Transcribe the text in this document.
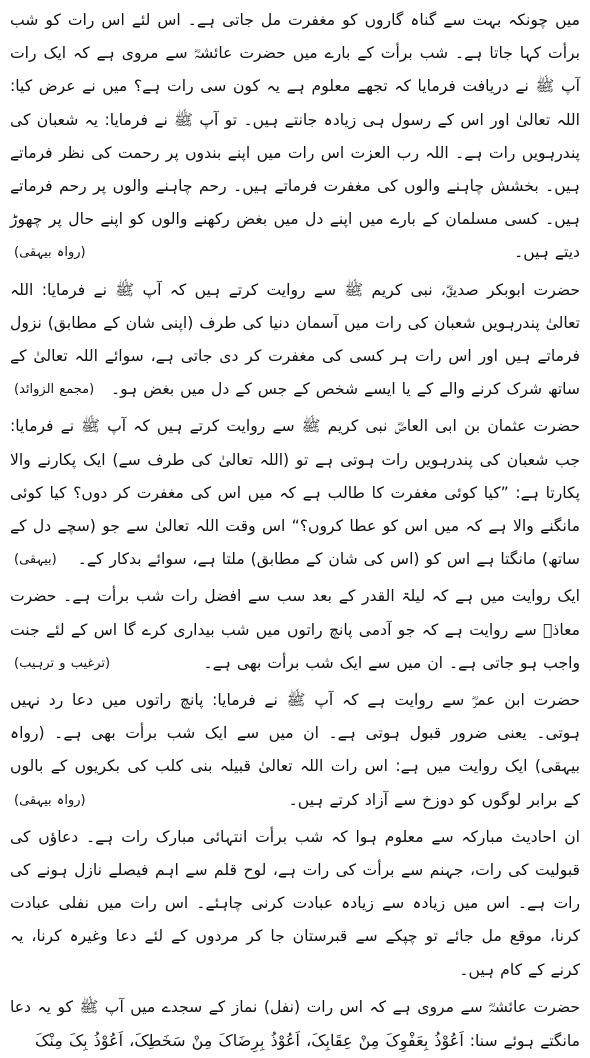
میں چونکہ بہت سے گناہ گاروں کو مغفرت مل جاتی ہے۔ اس لئے اس رات کو شب برأت کہا جاتا ہے۔ شب برأت کے بارے میں حضرت عائشہؓ سے مروی ہے کہ ایک رات آپ ﷺ نے دریافت فرمایا کہ تجھے معلوم ہے یہ کون سی رات ہے؟ میں نے عرض کیا: اللہ تعالیٰ اور اس کے رسول ہی زیادہ جانتے ہیں۔ تو آپ ﷺ نے فرمایا: یہ شعبان کی پندرہویں رات ہے۔ اللہ رب العزت اس رات میں اپنے بندوں پر رحمت کی نظر فرماتے ہیں۔ بخشش چاہنے والوں کی مغفرت فرماتے ہیں۔ رحم چاہنے والوں پر رحم فرماتے ہیں۔ کسی مسلمان کے بارے میں اپنے دل میں بغض رکھنے والوں کو اپنے حال پر چھوڑ دیتے ہیں۔
(رواہ بیہقی)

حضرت ابوبکر صدیقؓ، نبی کریم ﷺ سے روایت کرتے ہیں کہ آپ ﷺ نے فرمایا: اللہ تعالیٰ پندرہویں شعبان کی رات میں آسمان دنیا کی طرف (اپنی شان کے مطابق) نزول فرماتے ہیں اور اس رات ہر کسی کی مغفرت کر دی جاتی ہے، سوائے اللہ تعالیٰ کے ساتھ شرک کرنے والے کے یا ایسے شخص کے جس کے دل میں بغض ہو۔
(مجمع الزوائد)

حضرت عثمان بن ابی العاصؓ نبی کریم ﷺ سے روایت کرتے ہیں کہ آپ ﷺ نے فرمایا: جب شعبان کی پندرہویں رات ہوتی ہے تو (اللہ تعالیٰ کی طرف سے) ایک پکارنے والا پکارتا ہے: ”کیا کوئی مغفرت کا طالب ہے کہ میں اس کی مغفرت کر دوں؟ کیا کوئی مانگنے والا ہے کہ میں اس کو عطا کروں؟“ اس وقت اللہ تعالیٰ سے جو (سچے دل کے ساتھ) مانگتا ہے اس کو (اس کی شان کے مطابق) ملتا ہے، سوائے بدکار کے۔
(بیہقی)

ایک روایت میں ہے کہ لیلۃ القدر کے بعد سب سے افضل رات شب برأت ہے۔ حضرت معاذؓ سے روایت ہے کہ جو آدمی پانچ راتوں میں شب بیداری کرے گا اس کے لئے جنت واجب ہو جاتی ہے۔ ان میں سے ایک شب برأت بھی ہے۔
(ترغیب و ترہیب)

حضرت ابن عمرؓ سے روایت ہے کہ آپ ﷺ نے فرمایا: پانچ راتوں میں دعا رد نہیں ہوتی۔ یعنی ضرور قبول ہوتی ہے۔ ان میں سے ایک شب برأت بھی ہے۔ (رواہ بیہقی) ایک روایت میں ہے: اس رات اللہ تعالیٰ قبیلہ بنی کلب کی بکریوں کے بالوں کے برابر لوگوں کو دوزخ سے آزاد کرتے ہیں۔
(رواہ بیہقی)

ان احادیث مبارکہ سے معلوم ہوا کہ شب برأت انتہائی مبارک رات ہے۔ دعاؤں کی قبولیت کی رات، جہنم سے برأت کی رات ہے، لوح قلم سے اہم فیصلے نازل ہونے کی رات ہے۔ اس میں زیادہ سے زیادہ عبادت کرنی چاہئے۔ اس رات میں نفلی عبادت کرنا، موقع مل جائے تو چپکے سے قبرستان جا کر مردوں کے لئے دعا وغیرہ کرنا، یہ کرنے کے کام ہیں۔

حضرت عائشہؓ سے مروی ہے کہ اس رات (نفل) نماز کے سجدے میں آپ ﷺ کو یہ دعا مانگتے ہوئے سنا: اَعُوْذُ بِعَفْوِکَ مِنْ عِقَابِکَ، اَعُوْذُ بِرِضَاکَ مِنْ سَخَطِکَ، اَعُوْذُ بِکَ مِنْکَ
